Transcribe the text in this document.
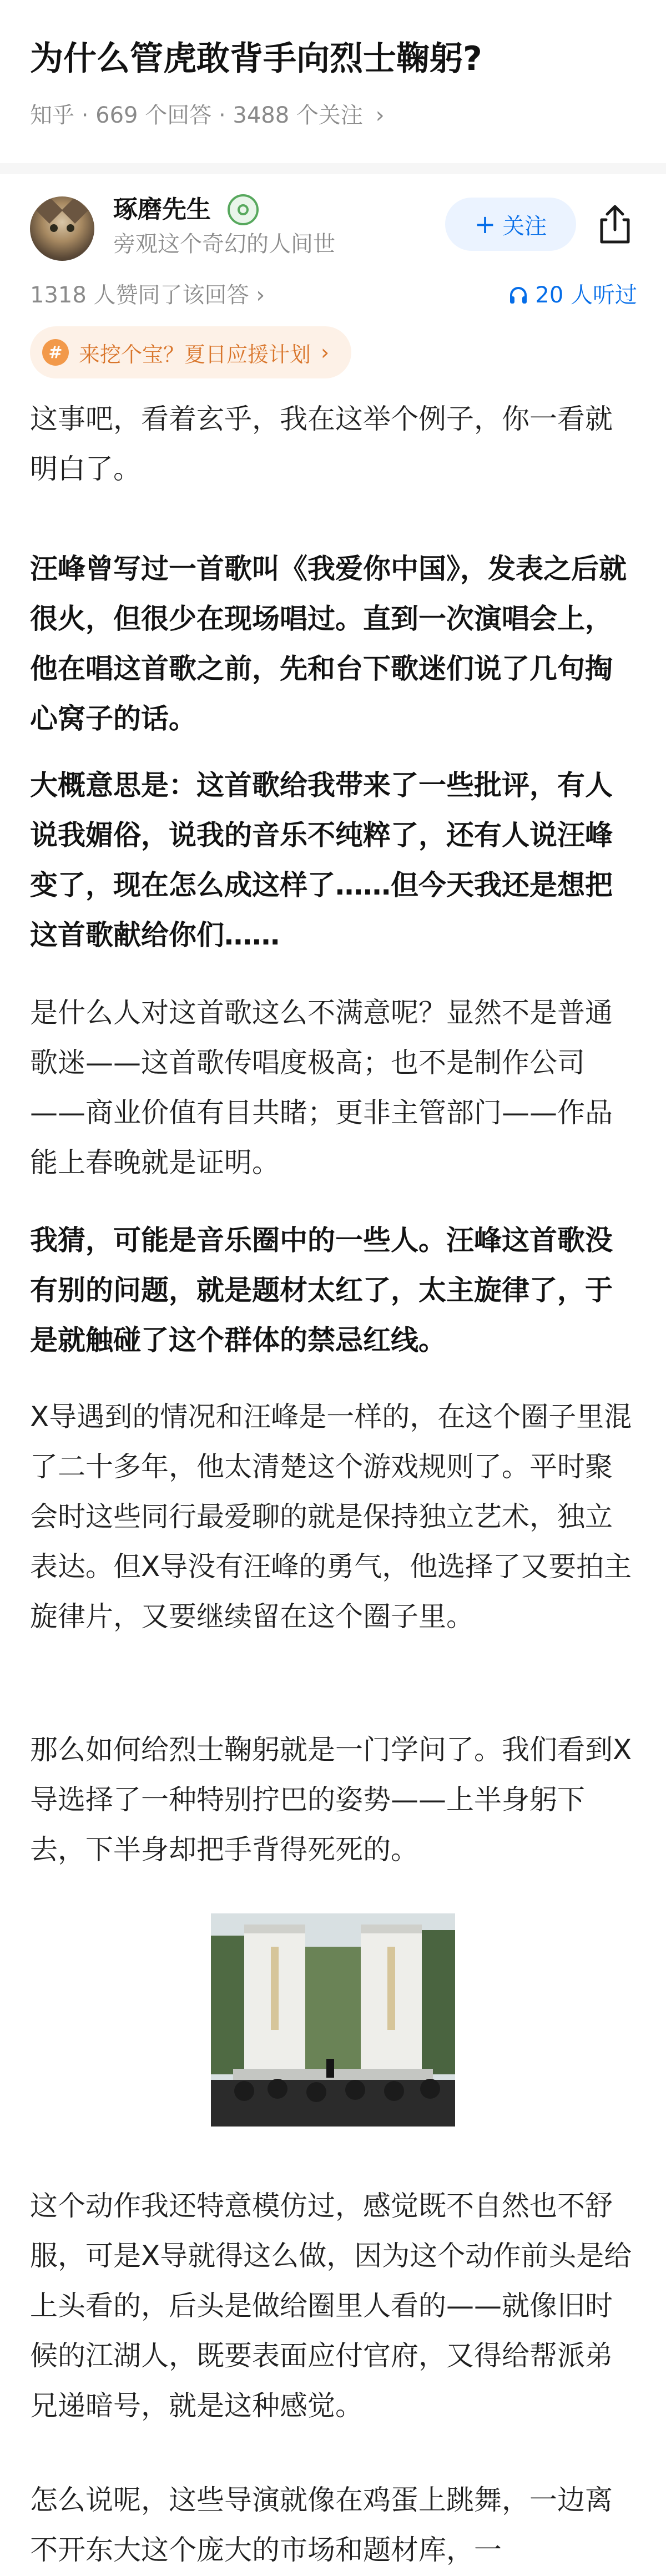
为什么管虎敢背手向烈士鞠躬?
知乎 · 669 个回答 · 3488 个关注 ›
琢磨先生
旁观这个奇幻的人间世
+ 关注
1318 人赞同了该回答 ›	20 人听过
# 来挖个宝？夏日应援计划 ›

这事吧，看着玄乎，我在这举个例子，你一看就明白了。

汪峰曾写过一首歌叫《我爱你中国》，发表之后就很火，但很少在现场唱过。直到一次演唱会上，他在唱这首歌之前，先和台下歌迷们说了几句掏心窝子的话。

大概意思是：这首歌给我带来了一些批评，有人说我媚俗，说我的音乐不纯粹了，还有人说汪峰变了，现在怎么成这样了……但今天我还是想把这首歌献给你们……

是什么人对这首歌这么不满意呢？显然不是普通歌迷——这首歌传唱度极高；也不是制作公司——商业价值有目共睹；更非主管部门——作品能上春晚就是证明。

我猜，可能是音乐圈中的一些人。汪峰这首歌没有别的问题，就是题材太红了，太主旋律了，于是就触碰了这个群体的禁忌红线。

X导遇到的情况和汪峰是一样的，在这个圈子里混了二十多年，他太清楚这个游戏规则了。平时聚会时这些同行最爱聊的就是保持独立艺术，独立表达。但X导没有汪峰的勇气，他选择了又要拍主旋律片，又要继续留在这个圈子里。

那么如何给烈士鞠躬就是一门学问了。我们看到X导选择了一种特别拧巴的姿势——上半身躬下去，下半身却把手背得死死的。

这个动作我还特意模仿过，感觉既不自然也不舒服，可是X导就得这么做，因为这个动作前头是给上头看的，后头是做给圈里人看的——就像旧时候的江湖人，既要表面应付官府，又得给帮派弟兄递暗号，就是这种感觉。

怎么说呢，这些导演就像在鸡蛋上跳舞，一边离不开东大这个庞大的市场和题材库，一
